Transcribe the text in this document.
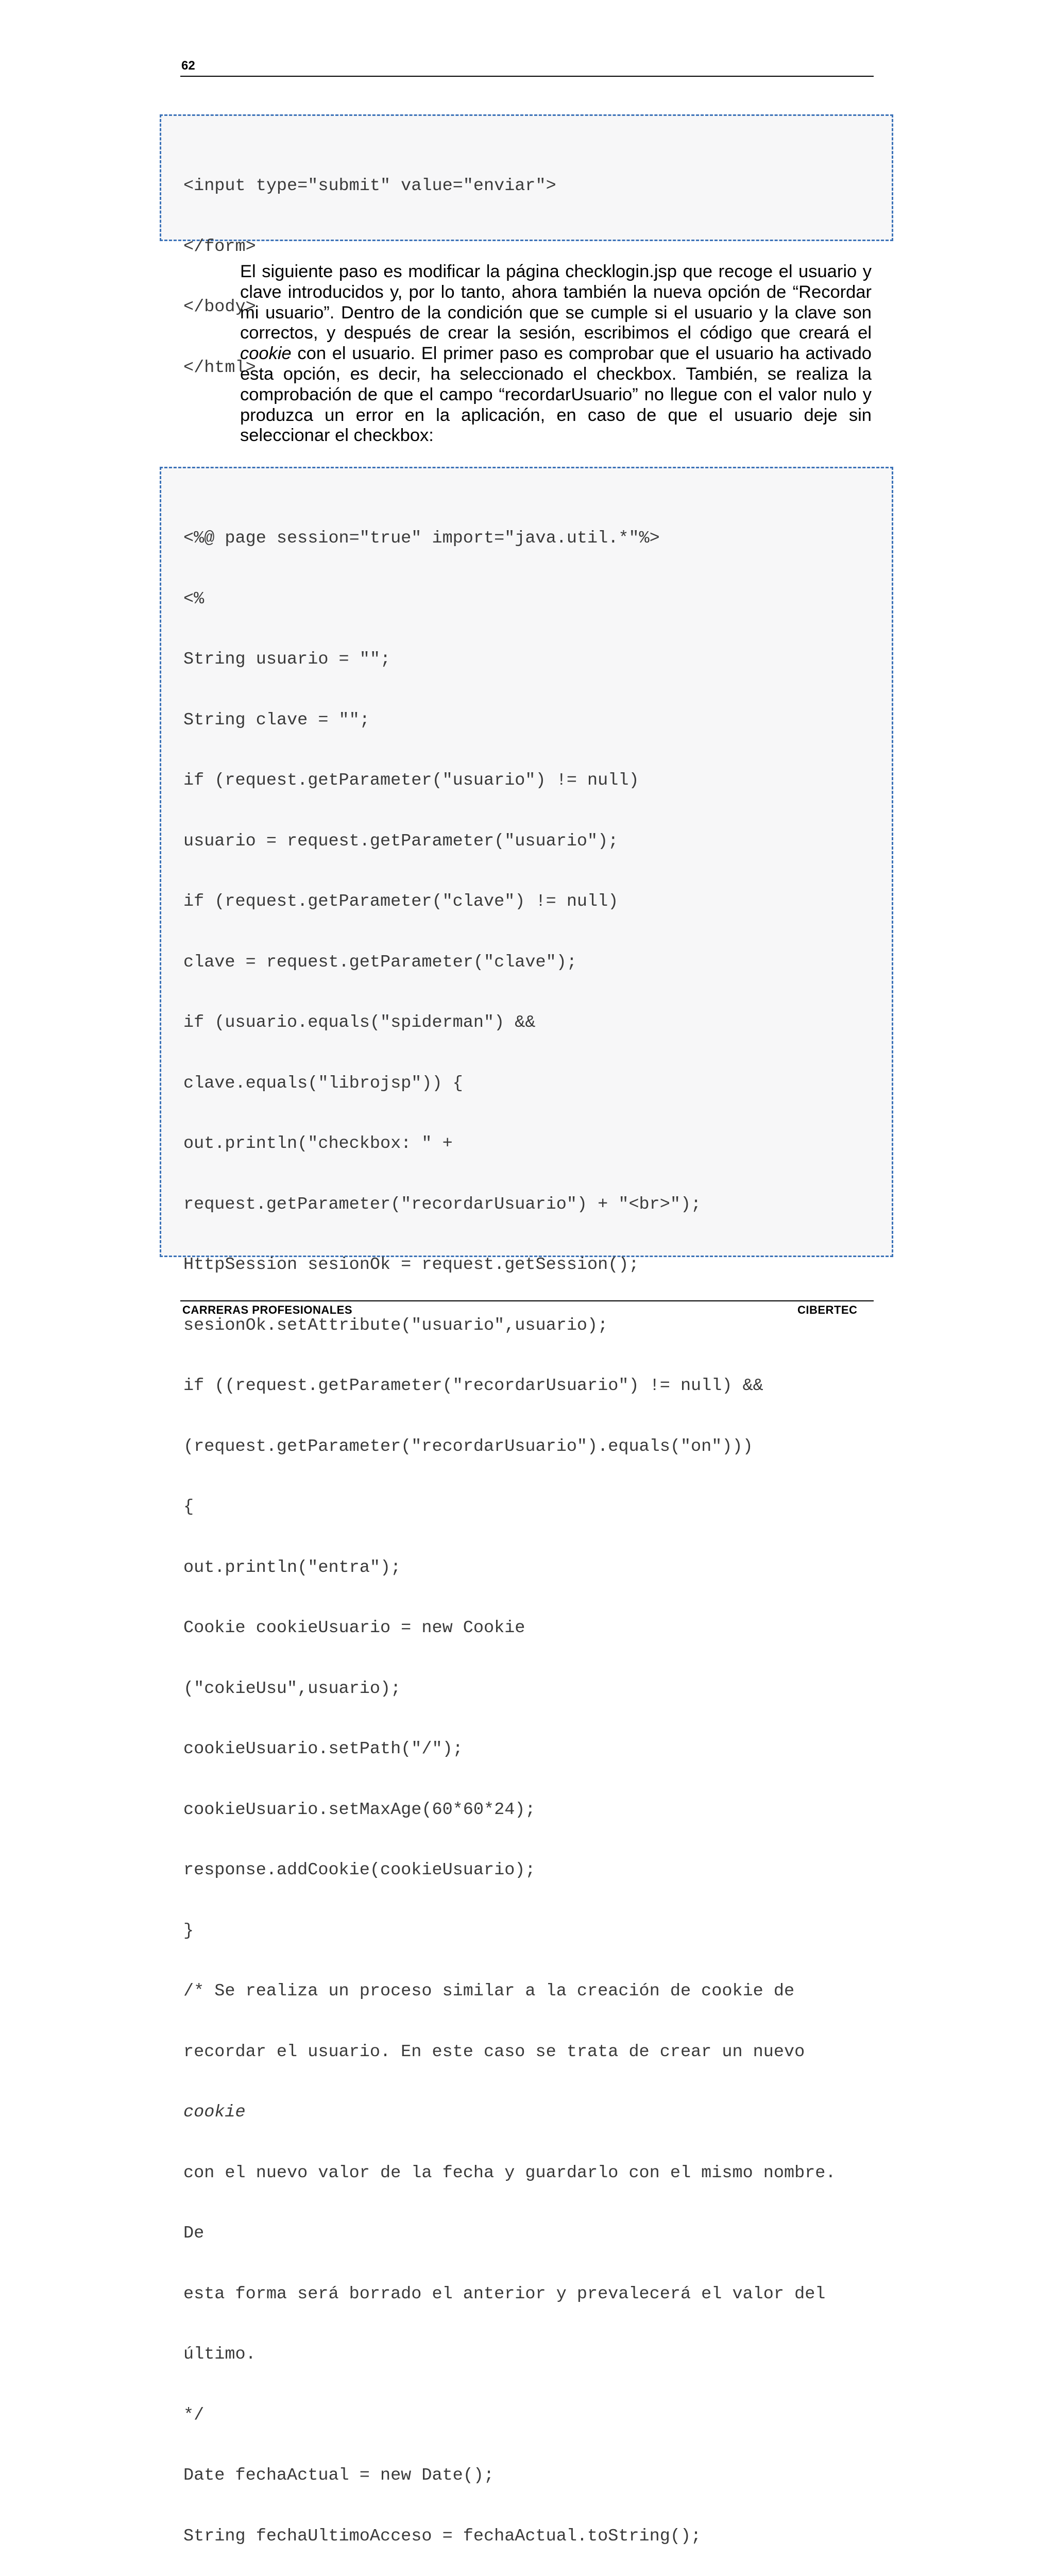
62

<input type="submit" value="enviar">

</form>

</body>

</html>

El siguiente paso es modificar la página checklogin.jsp que recoge el usuario y clave introducidos y, por lo tanto, ahora también la nueva opción de “Recordar mi usuario”. Dentro de la condición que se cumple si el usuario y la clave son correctos, y después de crear la sesión, escribimos el código que creará el cookie con el usuario. El primer paso es comprobar que el usuario ha activado esta opción, es decir, ha seleccionado el checkbox. También, se realiza la comprobación de que el campo “recordarUsuario” no llegue con el valor nulo y produzca un error en la aplicación, en caso de que el usuario deje sin seleccionar el checkbox:

<%@ page session="true" import="java.util.*"%>

<%

String usuario = "";

String clave = "";

if (request.getParameter("usuario") != null)

usuario = request.getParameter("usuario");

if (request.getParameter("clave") != null)

clave = request.getParameter("clave");

if (usuario.equals("spiderman") &&

clave.equals("librojsp")) {

out.println("checkbox: " +

request.getParameter("recordarUsuario") + "<br>");

HttpSession sesionOk = request.getSession();

sesionOk.setAttribute("usuario",usuario);

if ((request.getParameter("recordarUsuario") != null) &&

(request.getParameter("recordarUsuario").equals("on")))

{

out.println("entra");

Cookie cookieUsuario = new Cookie

("cokieUsu",usuario);

cookieUsuario.setPath("/");

cookieUsuario.setMaxAge(60*60*24);

response.addCookie(cookieUsuario);

}

/* Se realiza un proceso similar a la creación de cookie de

recordar el usuario. En este caso se trata de crear un nuevo

cookie

con el nuevo valor de la fecha y guardarlo con el mismo nombre.

De

esta forma será borrado el anterior y prevalecerá el valor del

último.

*/

Date fechaActual = new Date();

String fechaUltimoAcceso = fechaActual.toString();

CARRERAS PROFESIONALES	CIBERTEC
